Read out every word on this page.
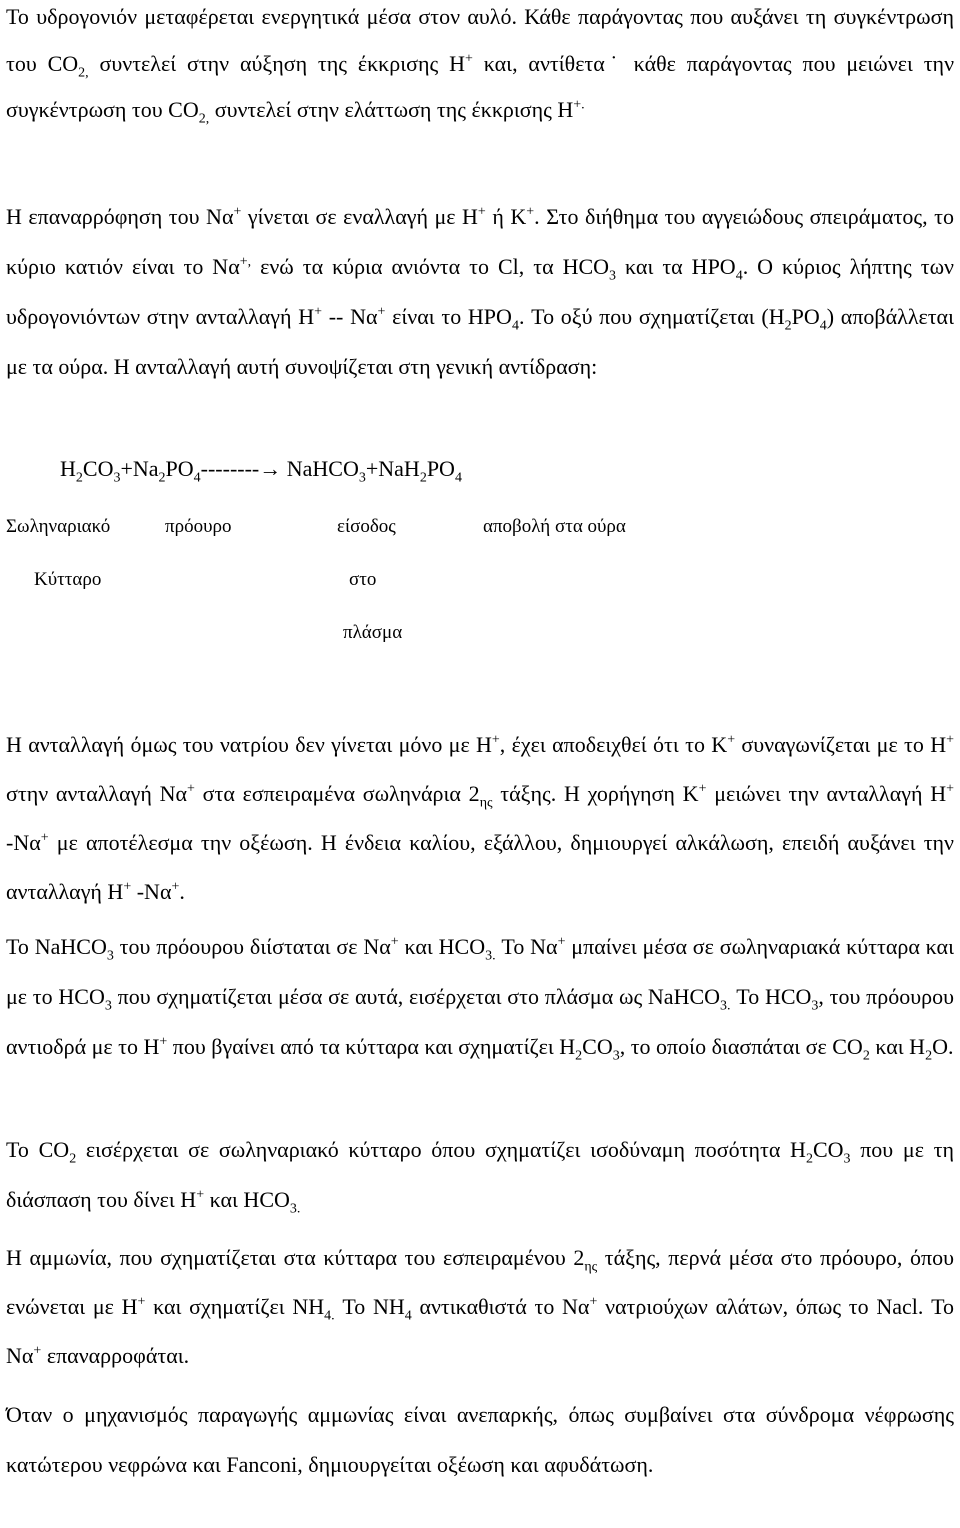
Το υδρογονιόν μεταφέρεται ενεργητικά μέσα στον αυλό. Κάθε παράγοντας που αυξάνει τη συγκέντρωση του $CO_{2,}$ συντελεί στην αύξηση της έκκρισης Η+ και, αντίθετα˙ κάθε παράγοντας που μειώνει την συγκέντρωση του $CO_{2,}$ συντελεί στην ελάττωση της έκκρισης Η+.

Η επαναρρόφηση του Να+ γίνεται σε εναλλαγή με Η+ ή Κ+. Στο διήθημα του αγγειώδους σπειράματος, το κύριο κατιόν είναι το Να+, ενώ τα κύρια ανιόντα το Cl, τα $HCO_3$ και τα $HPO_4$. Ο κύριος λήπτης των υδρογονιόντων στην ανταλλαγή Η+ -- Να+ είναι το $HPO_4$. Το οξύ που σχηματίζεται $(H_2PO_4)$ αποβάλλεται με τα ούρα. Η ανταλλαγή αυτή συνοψίζεται στη γενική αντίδραση:

$H_2CO_3+Na_2PO_4--------\to$ $NaHCO_3+NaH_2PO_4$
Σωληναριακό	πρόουρο	είσοδος	αποβολή στα ούρα
Κύτταρο	στο
πλάσμα

Η ανταλλαγή όμως του νατρίου δεν γίνεται μόνο με Η+, έχει αποδειχθεί ότι το Κ+ συναγωνίζεται με το Η+ στην ανταλλαγή Να+ στα εσπειραμένα σωληνάρια $2_{\eta\varsigma}$ τάξης. Η χορήγηση Κ+ μειώνει την ανταλλαγή Η+ -Να+ με αποτέλεσμα την οξέωση. Η ένδεια καλίου, εξάλλου, δημιουργεί αλκάλωση, επειδή αυξάνει την ανταλλαγή Η+ -Να+.

Το NaHCO$_3$ του πρόουρου διίσταται σε Να+ και $HCO_{3.}$ Το Να+ μπαίνει μέσα σε σωληναριακά κύτταρα και με το $HCO_3$ που σχηματίζεται μέσα σε αυτά, εισέρχεται στο πλάσμα ως NaHCO$_{3.}$ Το $HCO_3$, του πρόουρου αντιοδρά με το Η+ που βγαίνει από τα κύτταρα και σχηματίζει $H_2CO_3$, το οποίο διασπάται σε $CO_2$ και $H_2O$.

Το $CO_2$ εισέρχεται σε σωληναριακό κύτταρο όπου σχηματίζει ισοδύναμη ποσότητα $H_2CO_3$ που με τη διάσπαση του δίνει Η+ και $HCO_{3.}$

Η αμμωνία, που σχηματίζεται στα κύτταρα του εσπειραμένου $2_{\eta\varsigma}$ τάξης, περνά μέσα στο πρόουρο, όπου ενώνεται με Η+ και σχηματίζει $NH_{4.}$ Το $NH_4$ αντικαθιστά το Να+ νατριούχων αλάτων, όπως το Nacl. Το Να+ επαναρροφάται.

Όταν ο μηχανισμός παραγωγής αμμωνίας είναι ανεπαρκής, όπως συμβαίνει στα σύνδρομα νέφρωσης κατώτερου νεφρώνα και Fanconi, δημιουργείται οξέωση και αφυδάτωση.
